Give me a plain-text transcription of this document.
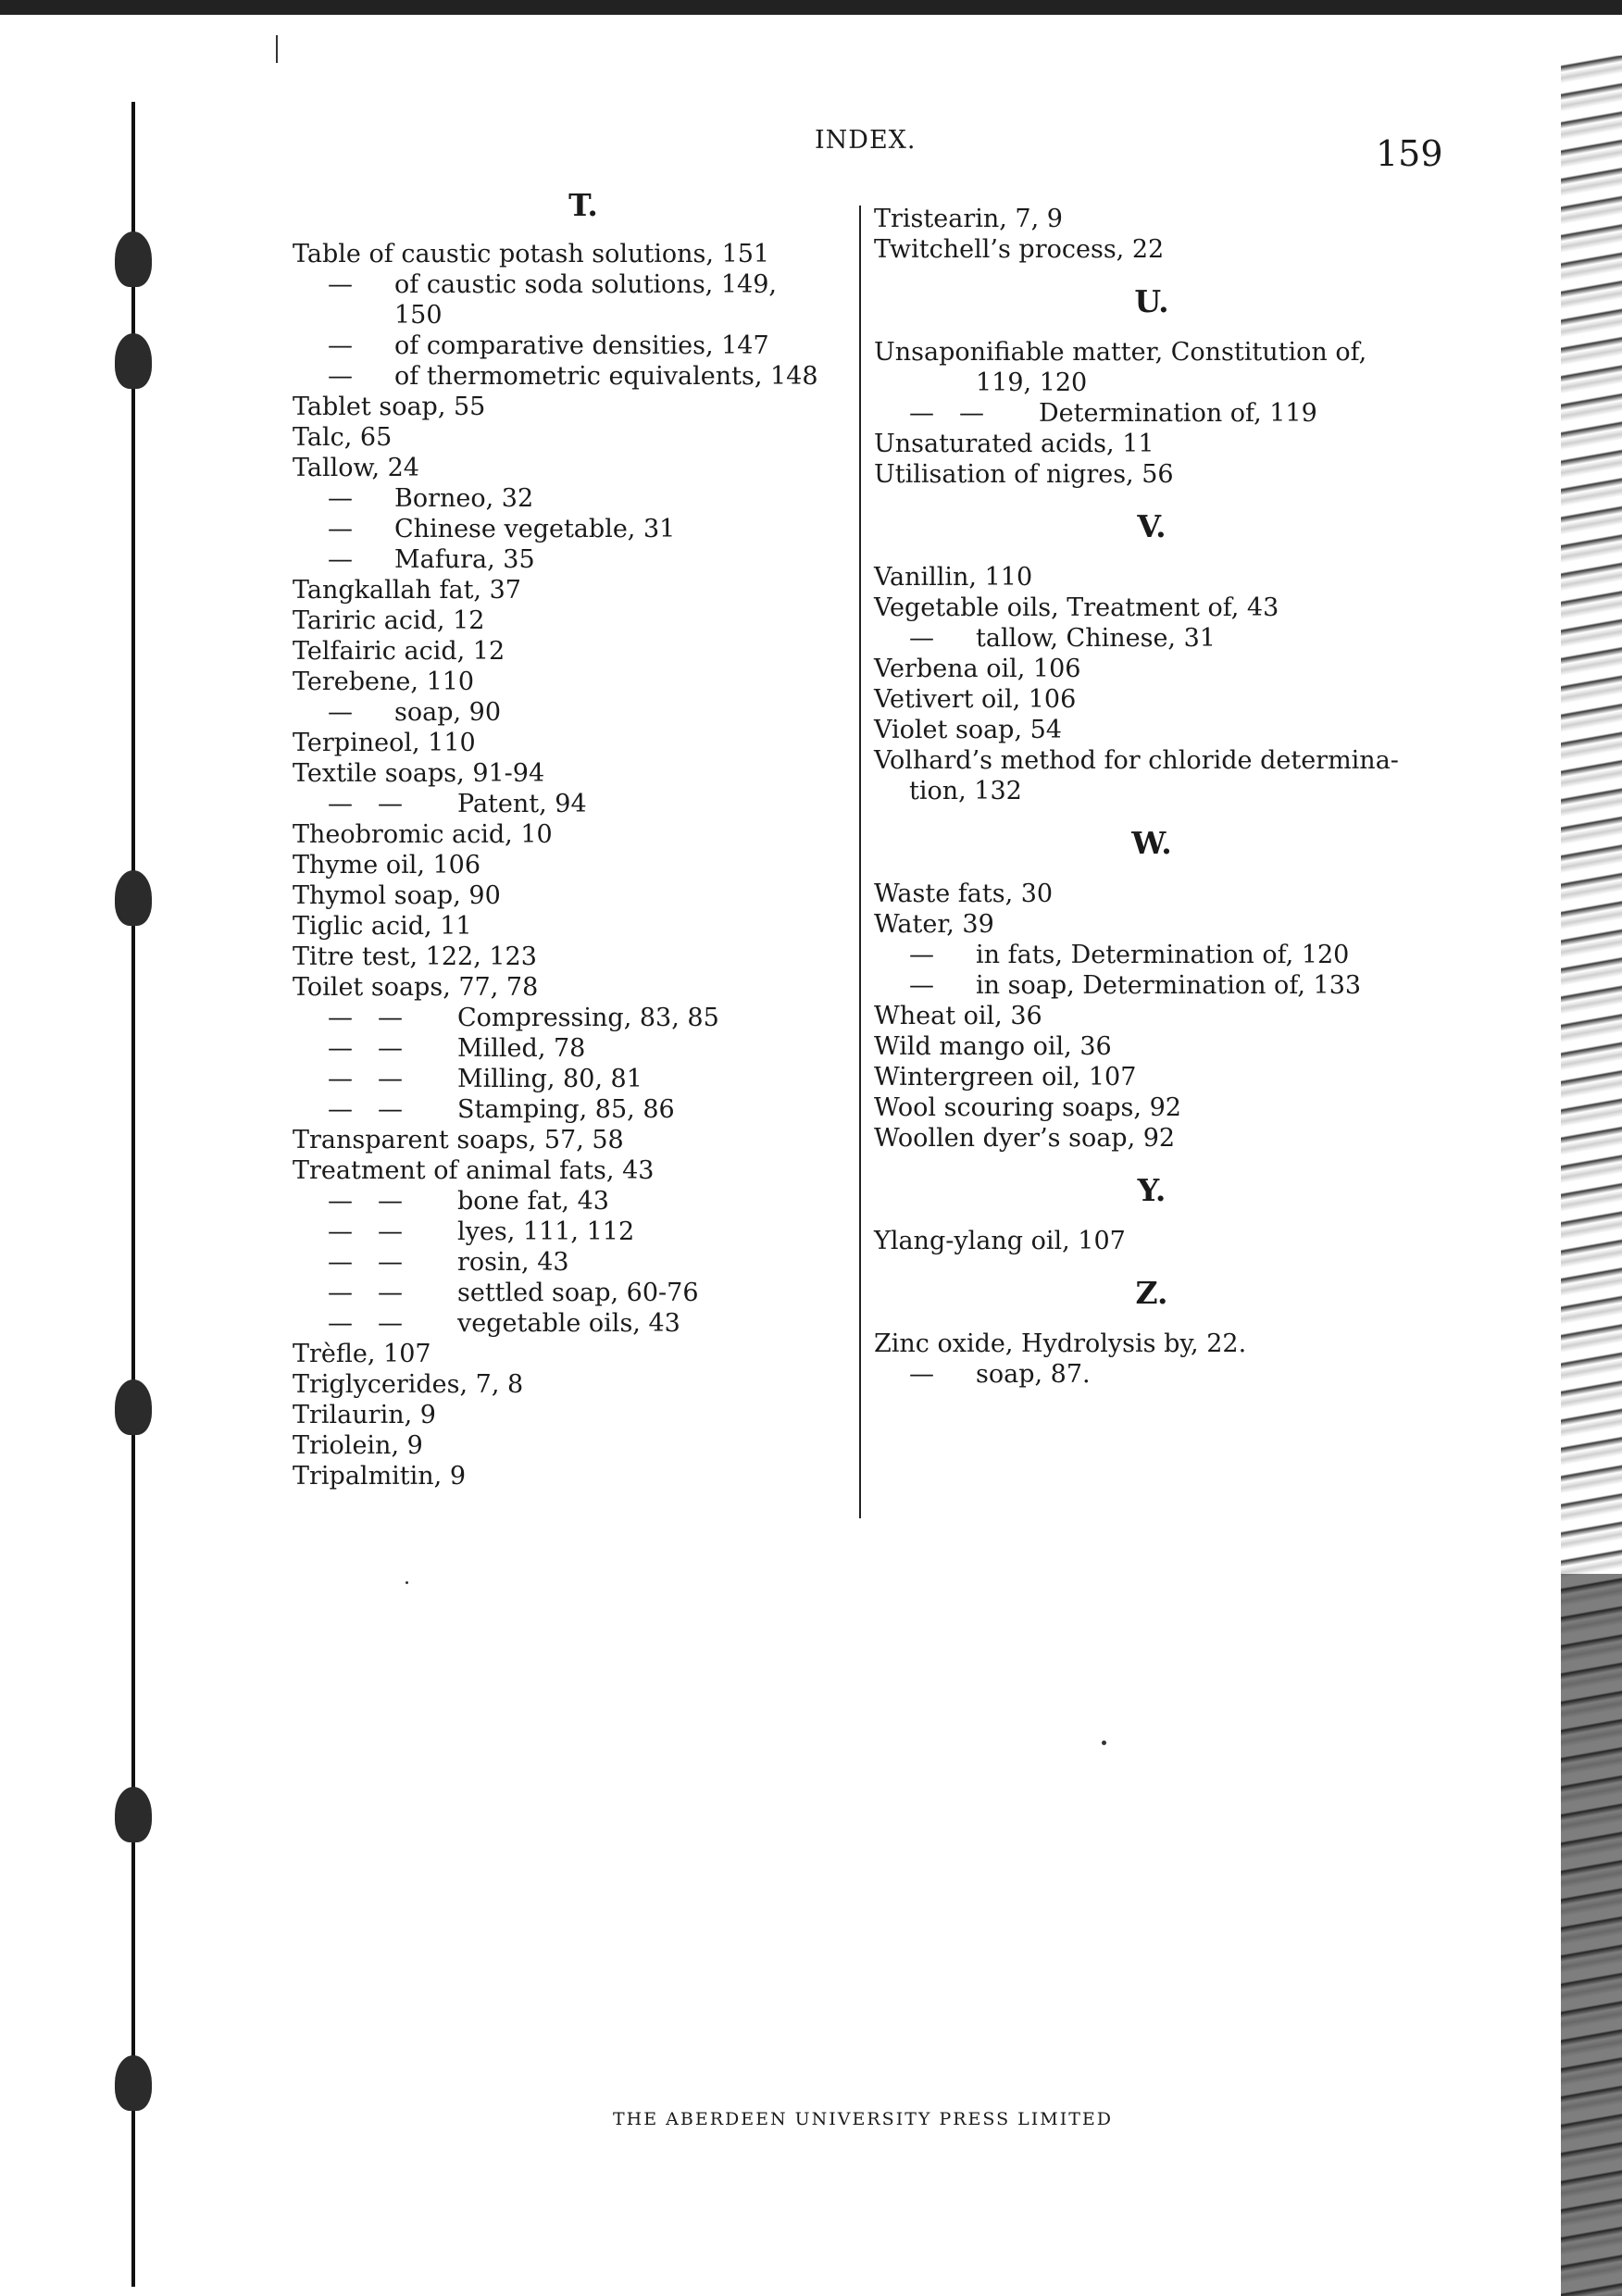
INDEX.	159

T.

Table of caustic potash solutions, 151

— of caustic soda solutions, 149,

150

— of comparative densities, 147

— of thermometric equivalents, 148

Tablet soap, 55

Talc, 65

Tallow, 24

— Borneo, 32

— Chinese vegetable, 31

— Mafura, 35

Tangkallah fat, 37

Tariric acid, 12

Telfairic acid, 12

Terebene, 110

— soap, 90

Terpineol, 110

Textile soaps, 91-94

— — Patent, 94

Theobromic acid, 10

Thyme oil, 106

Thymol soap, 90

Tiglic acid, 11

Titre test, 122, 123

Toilet soaps, 77, 78

— — Compressing, 83, 85

— — Milled, 78

— — Milling, 80, 81

— — Stamping, 85, 86

Transparent soaps, 57, 58

Treatment of animal fats, 43

— — bone fat, 43

— — lyes, 111, 112

— — rosin, 43

— — settled soap, 60-76

— — vegetable oils, 43

Trèfle, 107

Triglycerides, 7, 8

Trilaurin, 9

Triolein, 9

Tripalmitin, 9

Tristearin, 7, 9

Twitchell’s process, 22

U.

Unsaponifiable matter, Constitution of,

119, 120

— — Determination of, 119

Unsaturated acids, 11

Utilisation of nigres, 56

V.

Vanillin, 110

Vegetable oils, Treatment of, 43

— tallow, Chinese, 31

Verbena oil, 106

Vetivert oil, 106

Violet soap, 54

Volhard’s method for chloride determina-

tion, 132

W.

Waste fats, 30

Water, 39

— in fats, Determination of, 120

— in soap, Determination of, 133

Wheat oil, 36

Wild mango oil, 36

Wintergreen oil, 107

Wool scouring soaps, 92

Woollen dyer’s soap, 92

Y.

Ylang-ylang oil, 107

Z.

Zinc oxide, Hydrolysis by, 22.

— soap, 87.

THE ABERDEEN UNIVERSITY PRESS LIMITED
